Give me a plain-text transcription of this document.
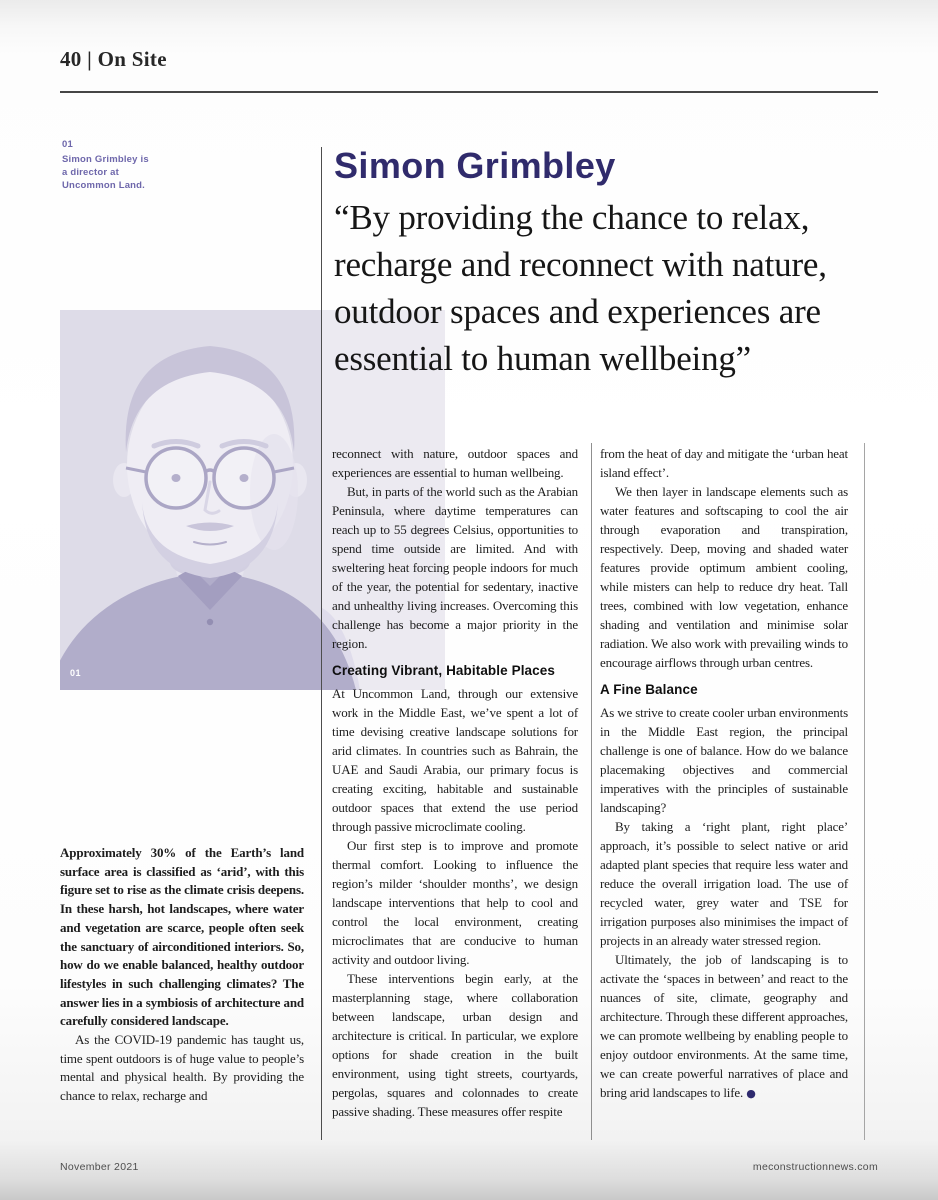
40 | On Site
01
Simon Grimbley is a director at Uncommon Land.
01
Simon Grimbley
“By providing the chance to relax, recharge and reconnect with nature, outdoor spaces and experiences are essential to human wellbeing”

Approximately 30% of the Earth’s land surface area is classified as ‘arid’, with this figure set to rise as the climate crisis deepens. In these harsh, hot landscapes, where water and vegetation are scarce, people often seek the sanctuary of airconditioned interiors. So, how do we enable balanced, healthy outdoor lifestyles in such challenging climates? The answer lies in a symbiosis of architecture and carefully considered landscape.

As the COVID-19 pandemic has taught us, time spent outdoors is of huge value to people’s mental and physical health. By providing the chance to relax, recharge and

reconnect with nature, outdoor spaces and experiences are essential to human wellbeing.

But, in parts of the world such as the Arabian Peninsula, where daytime temperatures can reach up to 55 degrees Celsius, opportunities to spend time outside are limited. And with sweltering heat forcing people indoors for much of the year, the potential for sedentary, inactive and unhealthy living increases. Overcoming this challenge has become a major priority in the region.

Creating Vibrant, Habitable Places

At Uncommon Land, through our extensive work in the Middle East, we’ve spent a lot of time devising creative landscape solutions for arid climates. In countries such as Bahrain, the UAE and Saudi Arabia, our primary focus is creating exciting, habitable and sustainable outdoor spaces that extend the use period through passive microclimate cooling.

Our first step is to improve and promote thermal comfort. Looking to influence the region’s milder ‘shoulder months’, we design landscape interventions that help to cool and control the local environment, creating microclimates that are conducive to human activity and outdoor living.

These interventions begin early, at the masterplanning stage, where collaboration between landscape, urban design and architecture is critical. In particular, we explore options for shade creation in the built environment, using tight streets, courtyards, pergolas, squares and colonnades to create passive shading. These measures offer respite

from the heat of day and mitigate the ‘urban heat island effect’.

We then layer in landscape elements such as water features and softscaping to cool the air through evaporation and transpiration, respectively. Deep, moving and shaded water features provide optimum ambient cooling, while misters can help to reduce dry heat. Tall trees, combined with low vegetation, enhance shading and ventilation and minimise solar radiation. We also work with prevailing winds to encourage airflows through urban centres.

A Fine Balance

As we strive to create cooler urban environments in the Middle East region, the principal challenge is one of balance. How do we balance placemaking objectives and commercial imperatives with the principles of sustainable landscaping?

By taking a ‘right plant, right place’ approach, it’s possible to select native or arid adapted plant species that require less water and reduce the overall irrigation load. The use of recycled water, grey water and TSE for irrigation purposes also minimises the impact of projects in an already water stressed region.

Ultimately, the job of landscaping is to activate the ‘spaces in between’ and react to the nuances of site, climate, geography and architecture. Through these different approaches, we can promote wellbeing by enabling people to enjoy outdoor environments. At the same time, we can create powerful narratives of place and bring arid landscapes to life. ●

November 2021	meconstructionnews.com
